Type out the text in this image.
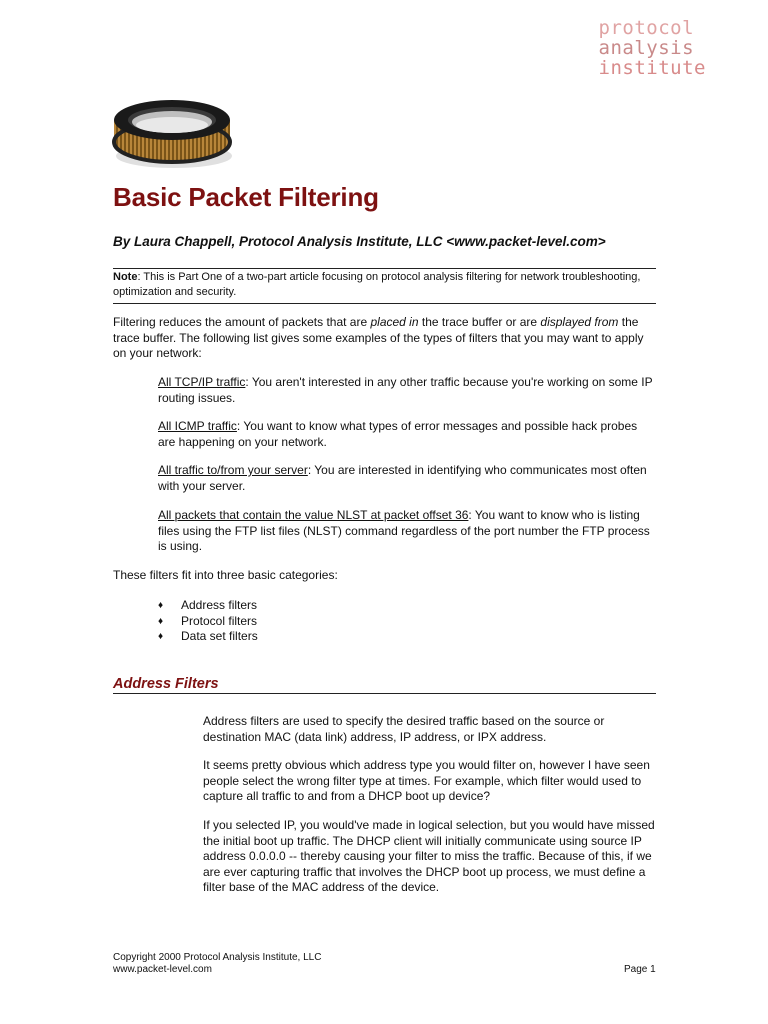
protocol
analysis
institute
Basic Packet Filtering
By Laura Chappell, Protocol Analysis Institute, LLC <www.packet-level.com>
Note: This is Part One of a two-part article focusing on protocol analysis filtering for network troubleshooting, optimization and security.
Filtering reduces the amount of packets that are placed in the trace buffer or are displayed from the trace buffer. The following list gives some examples of the types of filters that you may want to apply on your network:
All TCP/IP traffic: You aren't interested in any other traffic because you're working on some IP routing issues.
All ICMP traffic: You want to know what types of error messages and possible hack probes are happening on your network.
All traffic to/from your server: You are interested in identifying who communicates most often with your server.
All packets that contain the value NLST at packet offset 36: You want to know who is listing files using the FTP list files (NLST) command regardless of the port number the FTP process is using.
These filters fit into three basic categories:
♦ Address filters
♦ Protocol filters
♦ Data set filters
Address Filters
Address filters are used to specify the desired traffic based on the source or destination MAC (data link) address, IP address, or IPX address.
It seems pretty obvious which address type you would filter on, however I have seen people select the wrong filter type at times. For example, which filter would used to capture all traffic to and from a DHCP boot up device?
If you selected IP, you would've made in logical selection, but you would have missed the initial boot up traffic. The DHCP client will initially communicate using source IP address 0.0.0.0 -- thereby causing your filter to miss the traffic. Because of this, if we are ever capturing traffic that involves the DHCP boot up process, we must define a filter base of the MAC address of the device.
Copyright 2000 Protocol Analysis Institute, LLC
www.packet-level.com	Page 1
